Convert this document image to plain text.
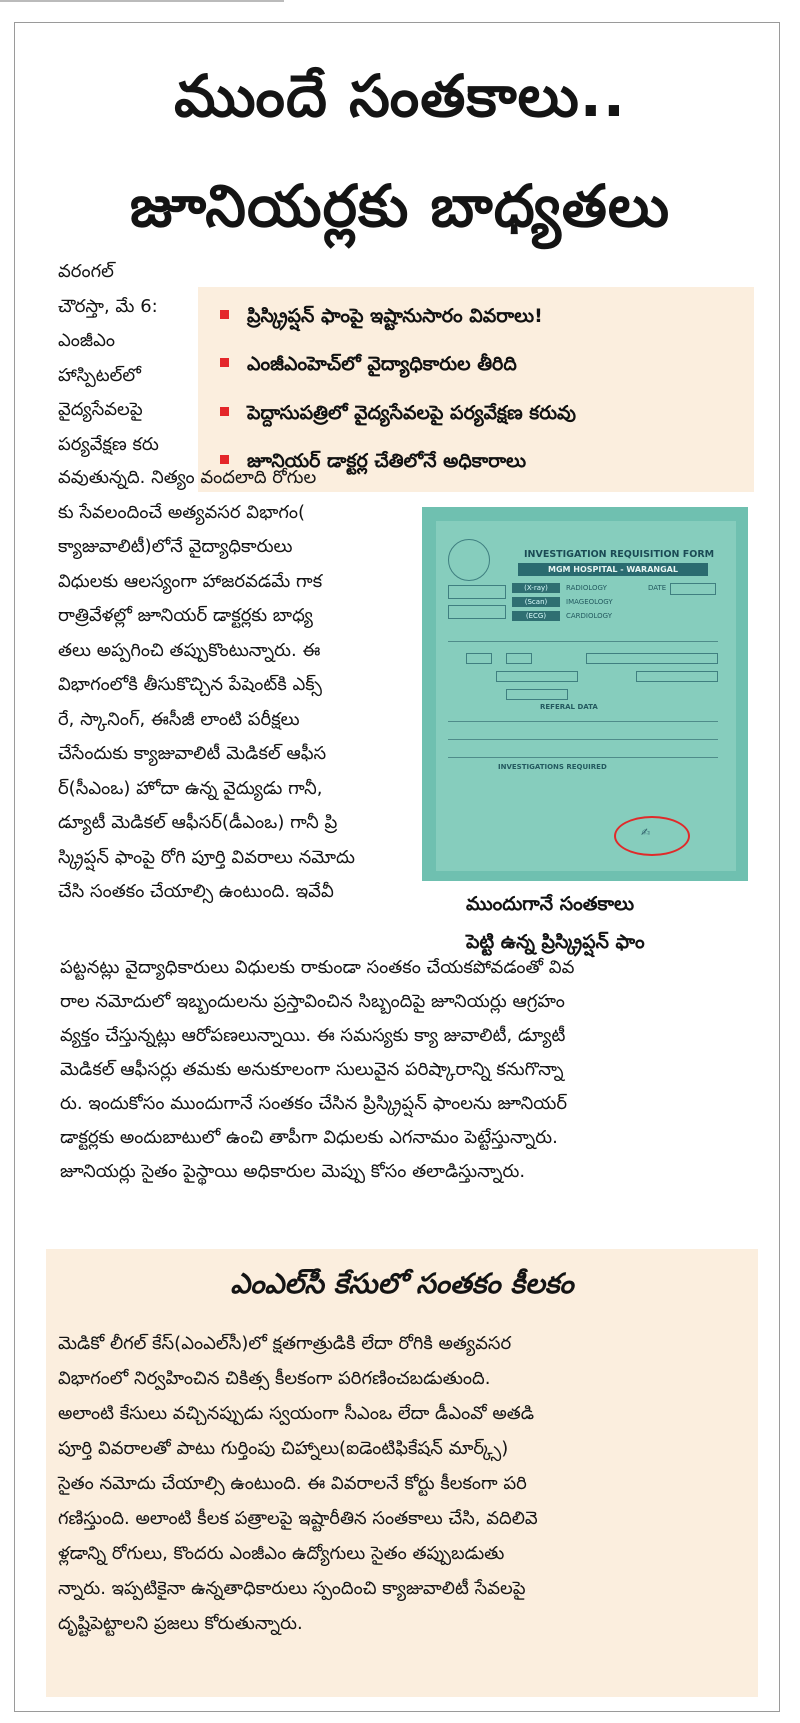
ముందే సంతకాలు..
జూనియర్లకు బాధ్యతలు
వరంగల్
చౌరస్తా, మే 6:
ఎంజీఎం
హాస్పిటల్‌లో
వైద్యసేవలపై
పర్యవేక్షణ కరు
ప్రిస్క్రిప్షన్ ఫాంపై ఇష్టానుసారం వివరాలు!
ఎంజీఎంహెచ్‌లో వైద్యాధికారుల తీరిది
పెద్దాసుపత్రిలో వైద్యసేవలపై పర్యవేక్షణ కరువు
జూనియర్ డాక్టర్ల చేతిలోనే అధికారాలు
వవుతున్నది. నిత్యం వందలాది రోగుల
కు సేవలందించే అత్యవసర విభాగం(
క్యాజువాలిటీ)లోనే వైద్యాధికారులు
విధులకు ఆలస్యంగా హాజరవడమే గాక
రాత్రివేళల్లో జూనియర్ డాక్టర్లకు బాధ్య
తలు అప్పగించి తప్పుకొంటున్నారు. ఈ
విభాగంలోకి తీసుకొచ్చిన పేషెంట్‌కి ఎక్స్
రే, స్కానింగ్, ఈసీజీ లాంటి పరీక్షలు
చేసేందుకు క్యాజువాలిటీ మెడికల్ ఆఫీస
ర్(సీఎంఒ) హోదా ఉన్న వైద్యుడు గానీ,
డ్యూటీ మెడికల్ ఆఫీసర్(డీఎంఒ) గానీ ప్రి
స్క్రిప్షన్ ఫాంపై రోగి పూర్తి వివరాలు నమోదు
చేసి సంతకం చేయాల్సి ఉంటుంది. ఇవేవీ
INVESTIGATION REQUISITION FORM
MGM HOSPITAL - WARANGAL
(X-ray)
(Scan)
(ECG)
RADIOLOGY
IMAGEOLOGY
CARDIOLOGY
DATE
REFERAL DATA
INVESTIGATIONS REQUIRED
✍
ముందుగానే సంతకాలు
పెట్టి ఉన్న ప్రిస్క్రిప్షన్ ఫాం
పట్టనట్లు వైద్యాధికారులు విధులకు రాకుండా సంతకం చేయకపోవడంతో వివ
రాల నమోదులో ఇబ్బందులను ప్రస్తావించిన సిబ్బందిపై జూనియర్లు ఆగ్రహం
వ్యక్తం చేస్తున్నట్లు ఆరోపణలున్నాయి. ఈ సమస్యకు క్యా జువాలిటీ, డ్యూటీ
మెడికల్ ఆఫీసర్లు తమకు అనుకూలంగా సులువైన పరిష్కారాన్ని కనుగొన్నా
రు. ఇందుకోసం ముందుగానే సంతకం చేసిన ప్రిస్క్రిప్షన్ ఫాంలను జూనియర్
డాక్టర్లకు అందుబాటులో ఉంచి తాపీగా విధులకు ఎగనామం పెట్టేస్తున్నారు.
జూనియర్లు సైతం పైస్థాయి అధికారుల మెప్పు కోసం తలాడిస్తున్నారు.
ఎంఎల్‌సీ కేసులో సంతకం కీలకం
మెడికో లీగల్ కేస్(ఎంఎల్‌సీ)లో క్షతగాత్రుడికి లేదా రోగికి అత్యవసర
విభాగంలో నిర్వహించిన చికిత్స కీలకంగా పరిగణించబడుతుంది.
అలాంటి కేసులు వచ్చినప్పుడు స్వయంగా సీఎంఒ లేదా డీఎంవో అతడి
పూర్తి వివరాలతో పాటు గుర్తింపు చిహ్నాలు(ఐడెంటిఫికేషన్ మార్క్స్)
సైతం నమోదు చేయాల్సి ఉంటుంది. ఈ వివరాలనే కోర్టు కీలకంగా పరి
గణిస్తుంది. అలాంటి కీలక పత్రాలపై ఇష్టారీతిన సంతకాలు చేసి, వదిలివె
ళ్లడాన్ని రోగులు, కొందరు ఎంజీఎం ఉద్యోగులు సైతం తప్పుబడుతు
న్నారు. ఇప్పటికైనా ఉన్నతాధికారులు స్పందించి క్యాజువాలిటీ సేవలపై
దృష్టిపెట్టాలని ప్రజలు కోరుతున్నారు.
